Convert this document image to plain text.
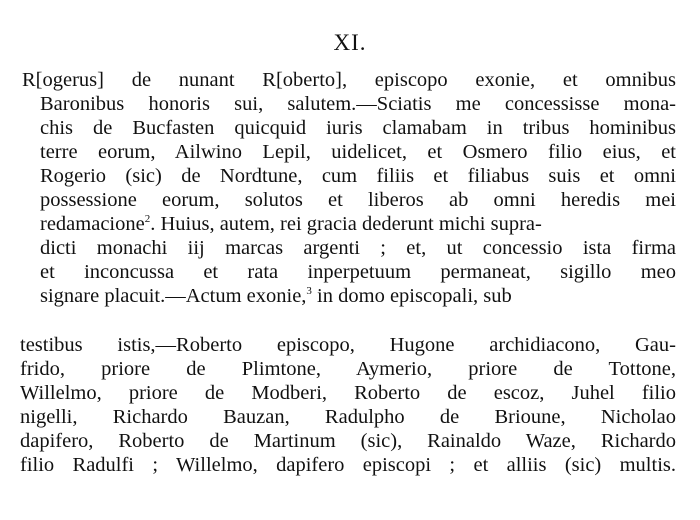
XI.
R[ogerus] de nunant R[oberto], episcopo exonie, et omnibus
Baronibus honoris sui, salutem.—Sciatis me concessisse mona-
chis de Bucfasten quicquid iuris clamabam in tribus hominibus
terre eorum, Ailwino Lepil, uidelicet, et Osmero filio eius, et
Rogerio (sic) de Nordtune, cum filiis et filiabus suis et omni
possessione eorum, solutos et liberos ab omni heredis mei
redamacione$^2$. Huius, autem, rei gracia dederunt michi supra-
dicti monachi iij marcas argenti ; et, ut concessio ista firma
et inconcussa et rata inperpetuum permaneat, sigillo meo
signare placuit.—Actum exonie,$^3$ in domo episcopali, sub
testibus istis,—Roberto episcopo, Hugone archidiacono, Gau-
frido, priore de Plimtone, Aymerio, priore de Tottone,
Willelmo, priore de Modberi, Roberto de escoz, Juhel filio
nigelli, Richardo Bauzan, Radulpho de Brioune, Nicholao
dapifero, Roberto de Martinum (sic), Rainaldo Waze, Richardo
filio Radulfi ; Willelmo, dapifero episcopi ; et alliis (sic) multis.
